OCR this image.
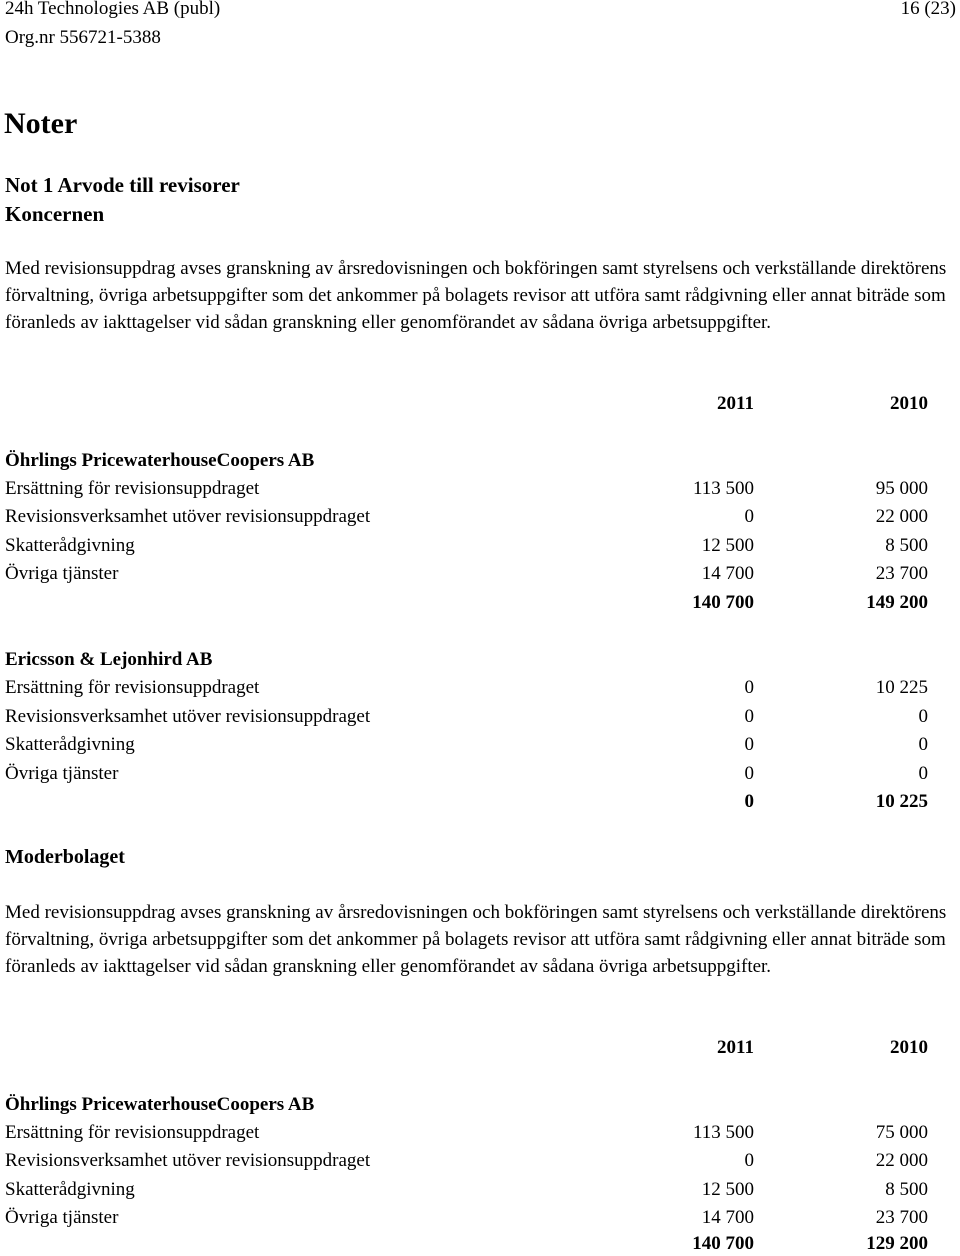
24h Technologies AB (publ)
Org.nr 556721-5388
16 (23)
Noter
Not 1 Arvode till revisorer
Koncernen
Med revisionsuppdrag avses granskning av årsredovisningen och bokföringen samt styrelsens och verkställande direktörens förvaltning, övriga arbetsuppgifter som det ankommer på bolagets revisor att utföra samt rådgivning eller annat biträde som föranleds av iakttagelser vid sådan granskning eller genomförandet av sådana övriga arbetsuppgifter.
2011	2010
Öhrlings PricewaterhouseCoopers AB
Ersättning för revisionsuppdraget	113 500	95 000
Revisionsverksamhet utöver revisionsuppdraget	0	22 000
Skatterådgivning	12 500	8 500
Övriga tjänster	14 700	23 700
140 700	149 200
Ericsson & Lejonhird AB
Ersättning för revisionsuppdraget	0	10 225
Revisionsverksamhet utöver revisionsuppdraget	0	0
Skatterådgivning	0	0
Övriga tjänster	0	0
0	10 225
Moderbolaget
Med revisionsuppdrag avses granskning av årsredovisningen och bokföringen samt styrelsens och verkställande direktörens förvaltning, övriga arbetsuppgifter som det ankommer på bolagets revisor att utföra samt rådgivning eller annat biträde som föranleds av iakttagelser vid sådan granskning eller genomförandet av sådana övriga arbetsuppgifter.
2011	2010
Öhrlings PricewaterhouseCoopers AB
Ersättning för revisionsuppdraget	113 500	75 000
Revisionsverksamhet utöver revisionsuppdraget	0	22 000
Skatterådgivning	12 500	8 500
Övriga tjänster	14 700	23 700
140 700	129 200
